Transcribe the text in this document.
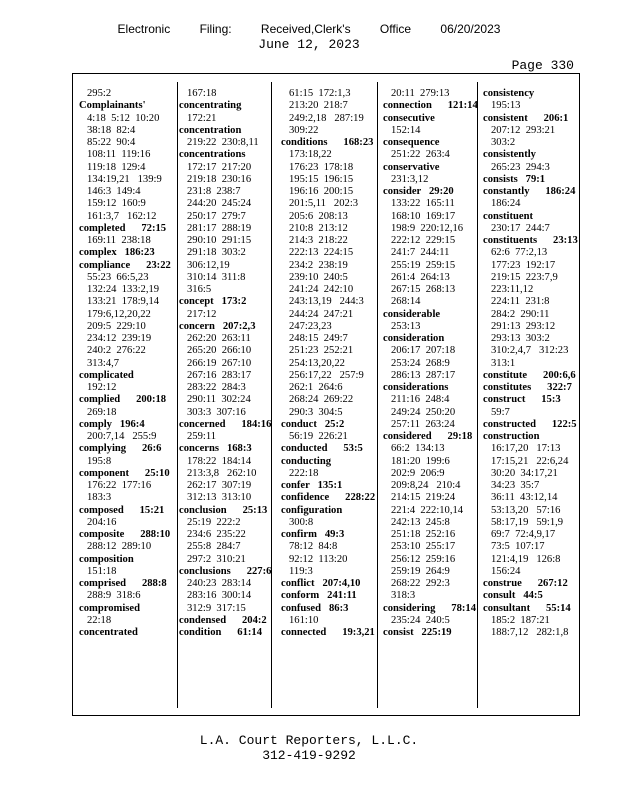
Electronic Filing: Received,Clerk's Office 06/20/2023
June 12, 2023
Page 330
295:2
Complainants'
4:18  5:12  10:20
38:18  82:4
85:22  90:4
108:11  119:16
119:18  129:4
134:19,21   139:9
146:3  149:4
159:12  160:9
161:3,7   162:12
completed      72:15
169:11  238:18
complex   186:23
compliance      23:22
55:23  66:5,23
132:24  133:2,19
133:21  178:9,14
179:6,12,20,22
209:5  229:10
234:12  239:19
240:2  276:22
313:4,7
complicated
192:12
complied      200:18
269:18
comply   196:4
200:7,14   255:9
complying      26:6
195:8
component      25:10
176:22  177:16
183:3
composed      15:21
204:16
composite      288:10
288:12  289:10
composition
151:18
comprised      288:8
288:9  318:6
compromised
22:18
concentrated
167:18
concentrating
172:21
concentration
219:22  230:8,11
concentrations
172:17  217:20
219:18  230:16
231:8  238:7
244:20  245:24
250:17  279:7
281:17  288:19
290:10  291:15
291:18  303:2
306:12,19
310:14  311:8
316:5
concept   173:2
217:12
concern   207:2,3
262:20  263:11
265:20  266:10
266:19  267:10
267:16  283:17
283:22  284:3
290:11  302:24
303:3  307:16
concerned      184:16
259:11
concerns   168:3
178:22  184:14
213:3,8   262:10
262:17  307:19
312:13  313:10
conclusion      25:13
25:19  222:2
234:6  235:22
255:8  284:7
297:2  310:21
conclusions      227:6
240:23  283:14
283:16  300:14
312:9  317:15
condensed      204:2
condition      61:14
61:15  172:1,3
213:20  218:7
249:2,18   287:19
309:22
conditions      168:23
173:18,22
176:23  178:18
195:15  196:15
196:16  200:15
201:5,11   202:3
205:6  208:13
210:8  213:12
214:3  218:22
222:13  224:15
234:2  238:19
239:10  240:5
241:24  242:10
243:13,19   244:3
244:24  247:21
247:23,23
248:15  249:7
251:23  252:21
254:13,20,22
256:17,22   257:9
262:1  264:6
268:24  269:22
290:3  304:5
conduct   25:2
56:19  226:21
conducted      53:5
conducting
222:18
confer   135:1
confidence      228:22
configuration
300:8
confirm   49:3
78:12  84:8
92:12  113:20
119:3
conflict   207:4,10
conform   241:11
confused   86:3
161:10
connected      19:3,21
20:11  279:13
connection      121:14
consecutive
152:14
consequence
251:22  263:4
conservative
231:3,12
consider   29:20
133:22  165:11
168:10  169:17
198:9  220:12,16
222:12  229:15
241:7  244:11
255:19  259:15
261:4  264:13
267:15  268:13
268:14
considerable
253:13
consideration
206:17  207:18
253:24  268:9
286:13  287:17
considerations
211:16  248:4
249:24  250:20
257:11  263:24
considered      29:18
66:2  134:13
181:20  199:6
202:9  206:9
209:8,24   210:4
214:15  219:24
221:4  222:10,14
242:13  245:8
251:18  252:16
253:10  255:17
256:12  259:16
259:19  264:9
268:22  292:3
318:3
considering      78:14
235:24  240:5
consist   225:19
consistency
195:13
consistent      206:1
207:12  293:21
303:2
consistently
265:23  294:3
consists   79:1
constantly      186:24
186:24
constituent
230:17  244:7
constituents      23:13
62:6  77:2,13
177:23  192:17
219:15  223:7,9
223:11,12
224:11  231:8
284:2  290:11
291:13  293:12
293:13  303:2
310:2,4,7   312:23
313:1
constitute      200:6,6
constitutes      322:7
construct      15:3
59:7
constructed      122:5
construction
16:17,20   17:13
17:15,21   22:6,24
30:20  34:17,21
34:23  35:7
36:11  43:12,14
53:13,20   57:16
58:17,19   59:1,9
69:7  72:4,9,17
73:5  107:17
121:4,19   126:8
156:24
construe      267:12
consult   44:5
consultant      55:14
185:2  187:21
188:7,12   282:1,8
L.A. Court Reporters, L.L.C.
312-419-9292
